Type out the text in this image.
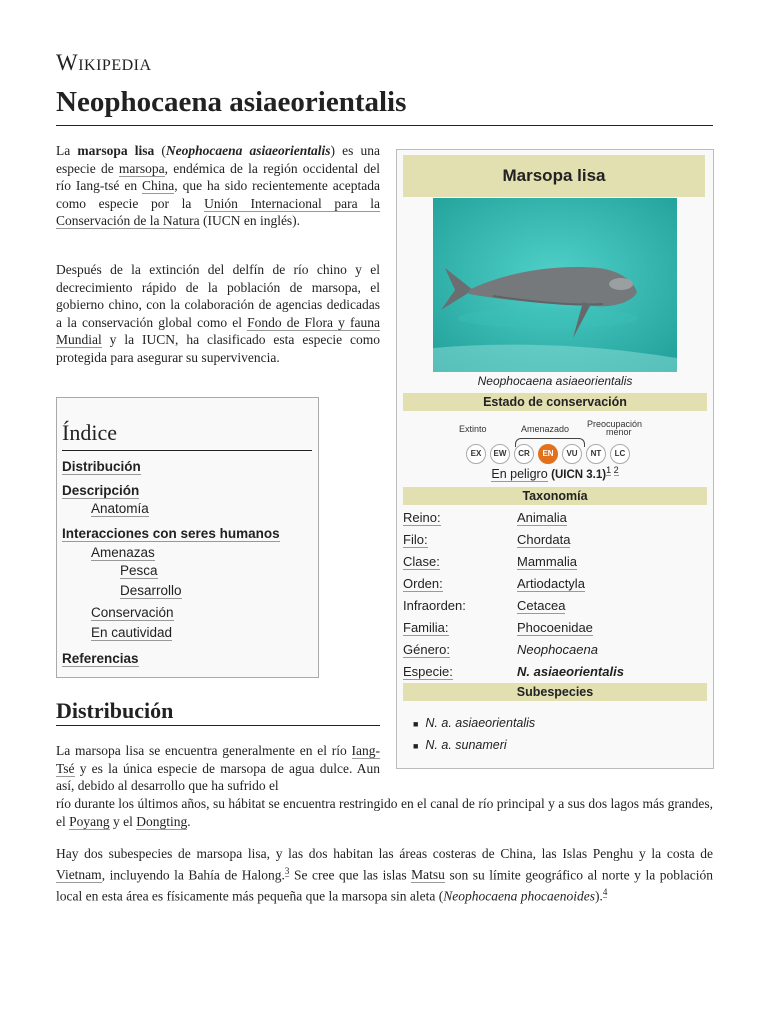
Wikipedia
Neophocaena asiaeorientalis
La marsopa lisa (Neophocaena asiaeorientalis) es una especie de marsopa, endémica de la región occidental del río Iang-tsé en China, que ha sido recientemente aceptada como especie por la Unión Internacional para la Conservación de la Natura (IUCN en inglés).
Después de la extinción del delfín de río chino y el decrecimiento rápido de la población de marsopa, el gobierno chino, con la colaboración de agencias dedicadas a la conservación global como el Fondo de Flora y fauna Mundial y la IUCN, ha clasificado esta especie como protegida para asegurar su supervivencia.
Marsopa lisa
Neophocaena asiaeorientalis
Estado de conservación
Extinto	Amenazado Preocupación
menor
EX	EW	CR	EN	VU	NT	LC
En peligro (UICN 3.1)$^{1 2}$
Taxonomía
Reino:	Animalia
Filo:	Chordata
Clase:	Mammalia
Orden:	Artiodactyla
Infraorden:	Cetacea
Familia:	Phocoenidae
Género:	Neophocaena
Especie:	N. asiaeorientalis
Subespecies
■ N. a. asiaeorientalis
■ N. a. sunameri
Índice
Distribución
Descripción
Anatomía
Interacciones con seres humanos
Amenazas
Pesca
Desarrollo
Conservación
En cautividad
Referencias
Distribución
La marsopa lisa se encuentra generalmente en el río Iang-Tsé y es la única especie de marsopa de agua dulce. Aun así, debido al desarrollo que ha sufrido el
río durante los últimos años, su hábitat se encuentra restringido en el canal de río principal y a sus dos lagos más grandes, el Poyang y el Dongting.
Hay dos subespecies de marsopa lisa, y las dos habitan las áreas costeras de China, las Islas Penghu y la costa de Vietnam, incluyendo la Bahía de Halong.$^3$ Se cree que las islas Matsu son su límite geográfico al norte y la población local en esta área es físicamente más pequeña que la marsopa sin aleta (Neophocaena phocaenoides).$^4$
